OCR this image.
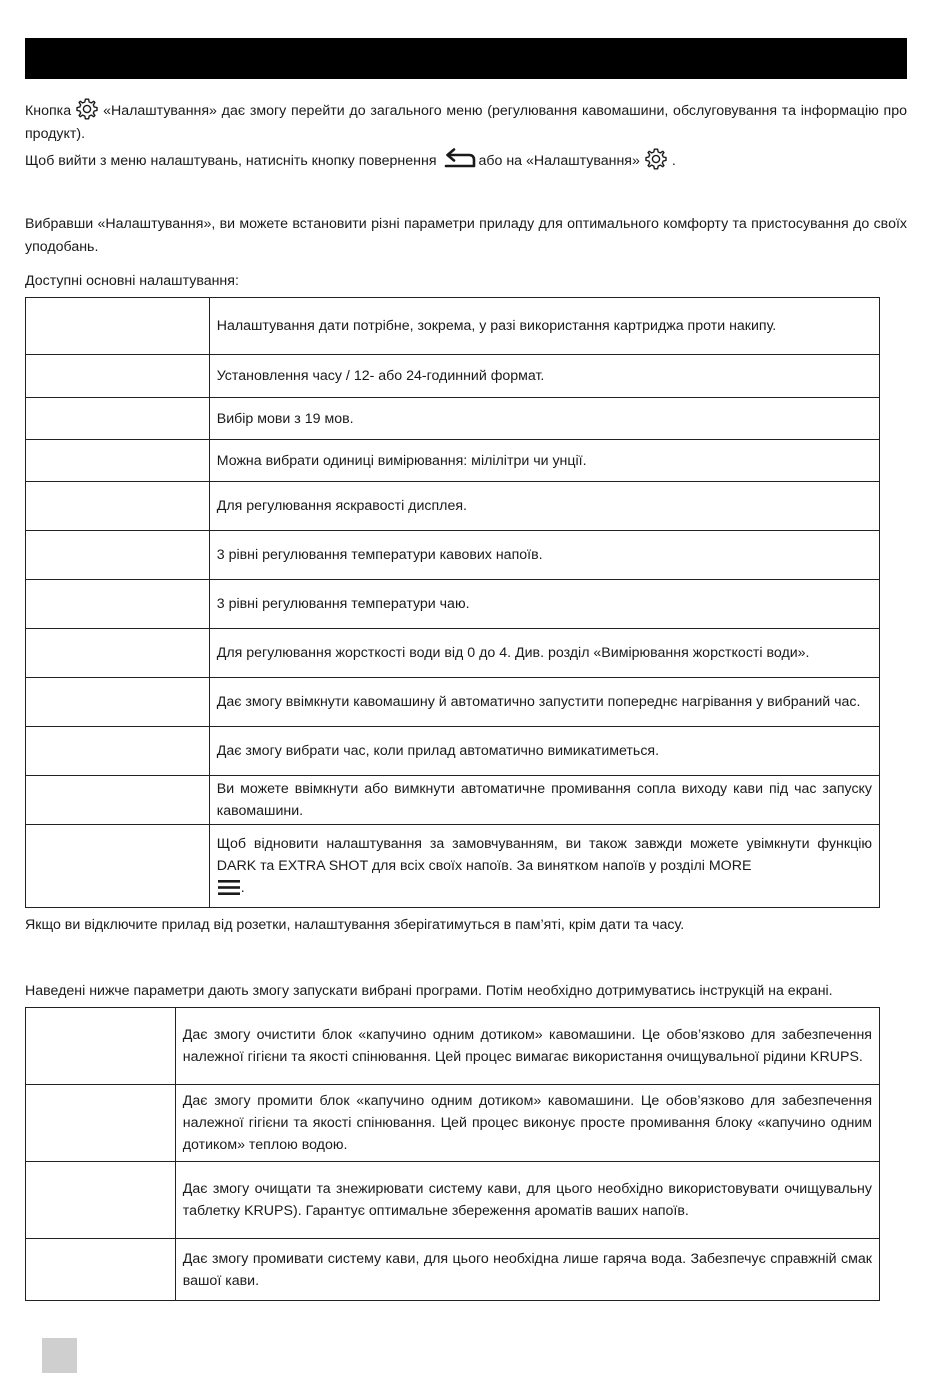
Кнопка «Налаштування» дає змогу перейти до загального меню (регулювання кавомашини, обслуговування та інформацію про продукт).

Щоб вийти з меню налаштувань, натисніть кнопку повернення	або на «Налаштування» .

Вибравши «Налаштування», ви можете встановити різні параметри приладу для оптимального комфорту та пристосування до своїх уподобань.

Доступні основні налаштування:

	Налаштування дати потрібне, зокрема, у разі використання картриджа проти накипу.
	Установлення часу / 12- або 24-годинний формат.
	Вибір мови з 19 мов.
	Можна вибрати одиниці вимірювання: мілілітри чи унції.
	Для регулювання яскравості дисплея.
	3 рівні регулювання температури кавових напоїв.
	3 рівні регулювання температури чаю.
	Для регулювання жорсткості води від 0 до 4. Див. розділ «Вимірювання жорсткості води».
	Дає змогу ввімкнути кавомашину й автоматично запустити попереднє нагрівання у вибраний час.
	Дає змогу вибрати час, коли прилад автоматично вимикатиметься.
	Ви можете ввімкнути або вимкнути автоматичне промивання сопла виходу кави під час запуску кавомашини.
	Щоб відновити налаштування за замовчуванням, ви також завжди можете увімкнути функцію DARK та EXTRA SHOT для всіх своїх напоїв. За винятком напоїв у розділі MORE
.

Якщо ви відключите прилад від розетки, налаштування зберігатимуться в пам’яті, крім дати та часу.

Наведені нижче параметри дають змогу запускати вибрані програми. Потім необхідно дотримуватись інструкцій на екрані.

	Дає змогу очистити блок «капучино одним дотиком» кавомашини. Це обов’язково для забезпечення належної гігієни та якості спінювання. Цей процес вимагає використання очищувальної рідини KRUPS.
	Дає змогу промити блок «капучино одним дотиком» кавомашини. Це обов’язково для забезпечення належної гігієни та якості спінювання. Цей процес виконує просте промивання блоку «капучино одним дотиком» теплою водою.
	Дає змогу очищати та знежирювати систему кави, для цього необхідно використовувати очищувальну таблетку KRUPS). Гарантує оптимальне збереження ароматів ваших напоїв.
	Дає змогу промивати систему кави, для цього необхідна лише гаряча вода. Забезпечує справжній смак вашої кави.
